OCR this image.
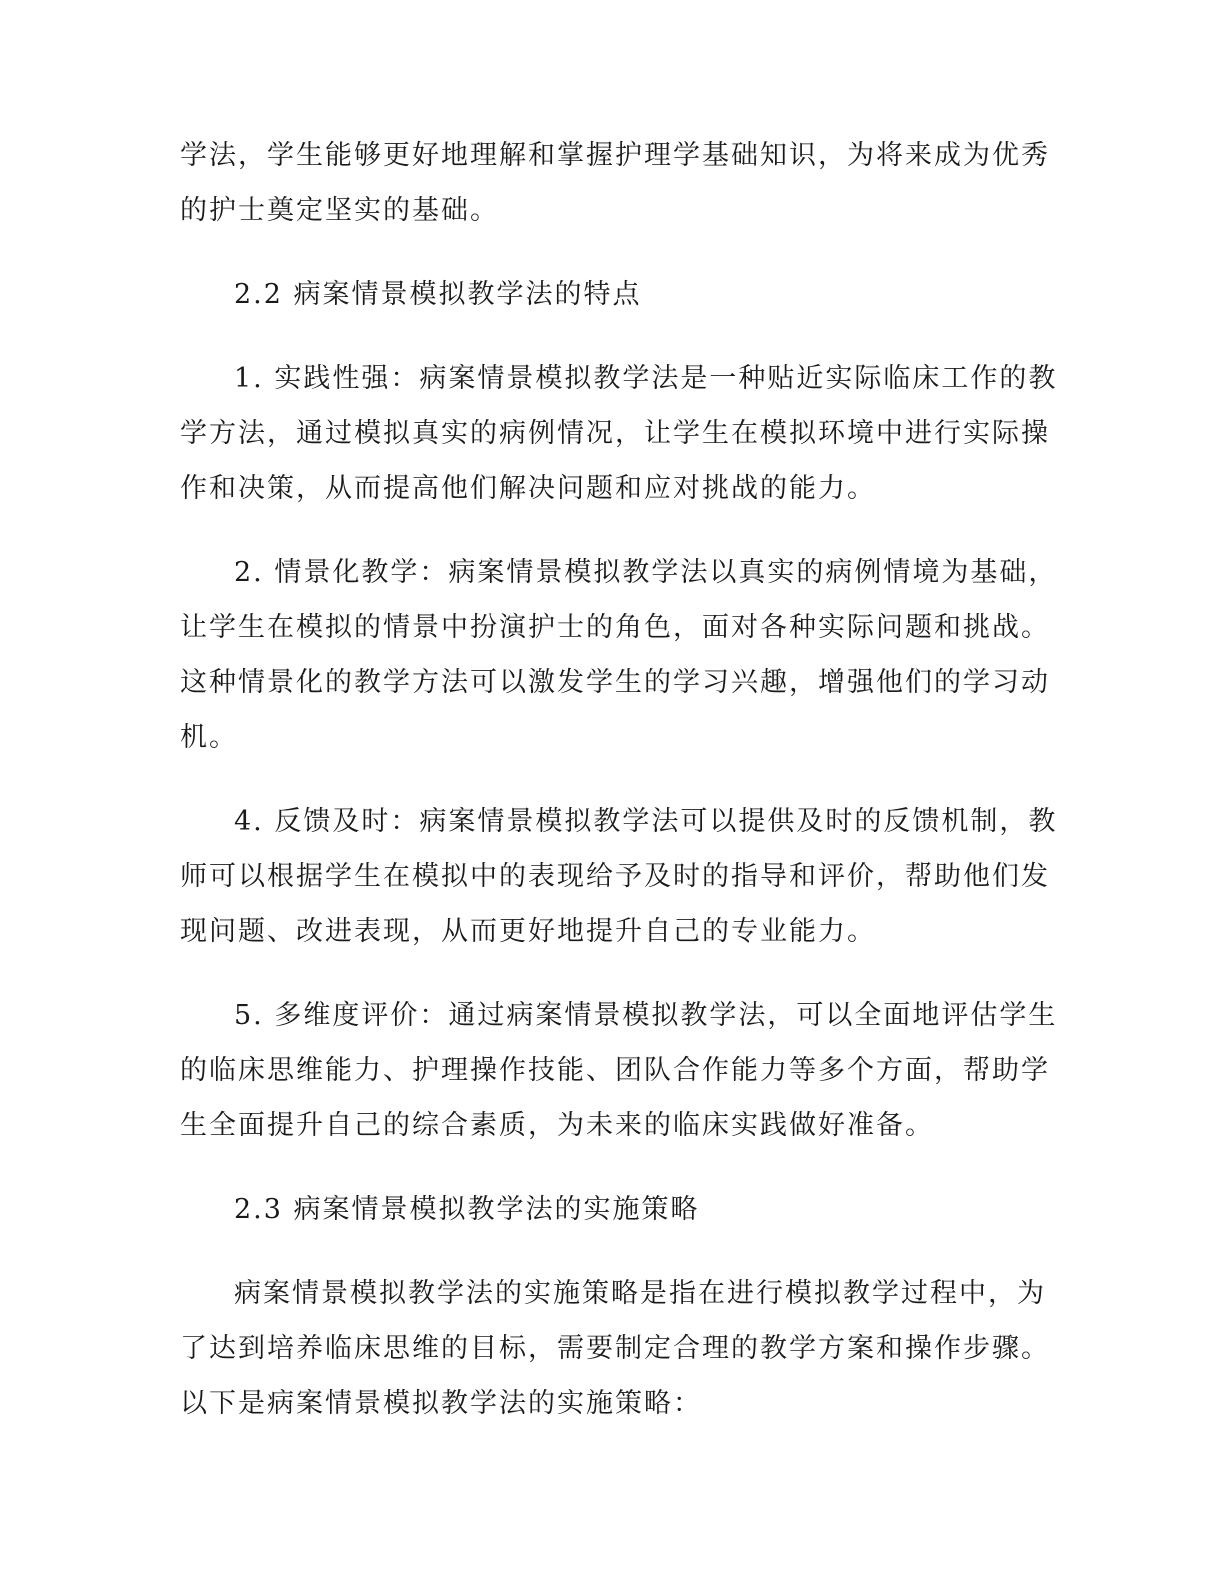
学法，学生能够更好地理解和掌握护理学基础知识，为将来成为优秀
的护士奠定坚实的基础。
2.2 病案情景模拟教学法的特点
1. 实践性强：病案情景模拟教学法是一种贴近实际临床工作的教
学方法，通过模拟真实的病例情况，让学生在模拟环境中进行实际操
作和决策，从而提高他们解决问题和应对挑战的能力。
2. 情景化教学：病案情景模拟教学法以真实的病例情境为基础，
让学生在模拟的情景中扮演护士的角色，面对各种实际问题和挑战。
这种情景化的教学方法可以激发学生的学习兴趣，增强他们的学习动
机。
4. 反馈及时：病案情景模拟教学法可以提供及时的反馈机制，教
师可以根据学生在模拟中的表现给予及时的指导和评价，帮助他们发
现问题、改进表现，从而更好地提升自己的专业能力。
5. 多维度评价：通过病案情景模拟教学法，可以全面地评估学生
的临床思维能力、护理操作技能、团队合作能力等多个方面，帮助学
生全面提升自己的综合素质，为未来的临床实践做好准备。
2.3 病案情景模拟教学法的实施策略
病案情景模拟教学法的实施策略是指在进行模拟教学过程中，为
了达到培养临床思维的目标，需要制定合理的教学方案和操作步骤。
以下是病案情景模拟教学法的实施策略：
